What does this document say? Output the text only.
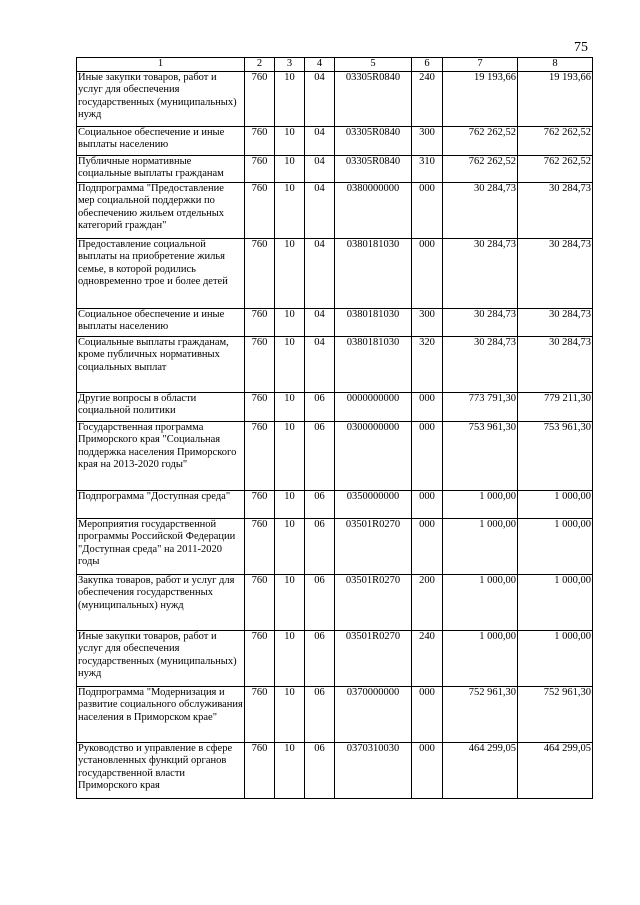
75
1	2	3	4	5	6	7	8
Иные закупки товаров, работ и услуг для обеспечения государственных (муниципальных) нужд	760	10	04	03305R0840	240	19 193,66	19 193,66
Социальное обеспечение и иные выплаты населению	760	10	04	03305R0840	300	762 262,52	762 262,52
Публичные нормативные социальные выплаты гражданам	760	10	04	03305R0840	310	762 262,52	762 262,52
Подпрограмма "Предоставление мер социальной поддержки по обеспечению жильем отдельных категорий граждан"	760	10	04	0380000000	000	30 284,73	30 284,73
Предоставление социальной выплаты на приобретение жилья семье, в которой родились одновременно трое и более детей	760	10	04	0380181030	000	30 284,73	30 284,73
Социальное обеспечение и иные выплаты населению	760	10	04	0380181030	300	30 284,73	30 284,73
Социальные выплаты гражданам, кроме публичных нормативных социальных выплат	760	10	04	0380181030	320	30 284,73	30 284,73
Другие вопросы в области социальной политики	760	10	06	0000000000	000	773 791,30	779 211,30
Государственная программа Приморского края "Социальная поддержка населения Приморского края на 2013-2020 годы"	760	10	06	0300000000	000	753 961,30	753 961,30
Подпрограмма "Доступная среда"	760	10	06	0350000000	000	1 000,00	1 000,00
Мероприятия государственной программы Российской Федерации "Доступная среда" на 2011-2020 годы	760	10	06	03501R0270	000	1 000,00	1 000,00
Закупка товаров, работ и услуг для обеспечения государственных (муниципальных) нужд	760	10	06	03501R0270	200	1 000,00	1 000,00
Иные закупки товаров, работ и услуг для обеспечения государственных (муниципальных) нужд	760	10	06	03501R0270	240	1 000,00	1 000,00
Подпрограмма "Модернизация и развитие социального обслуживания населения в Приморском крае"	760	10	06	0370000000	000	752 961,30	752 961,30
Руководство и управление в сфере установленных функций органов государственной власти Приморского края	760	10	06	0370310030	000	464 299,05	464 299,05
